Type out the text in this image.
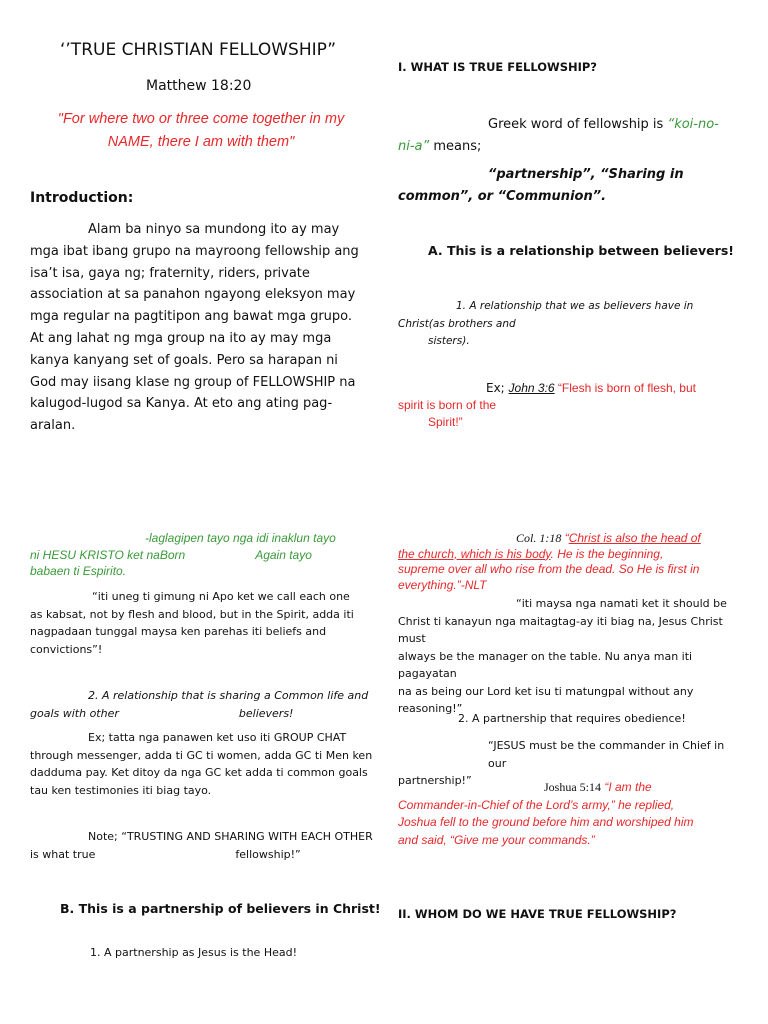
‘’TRUE CHRISTIAN FELLOWSHIP”
Matthew 18:20
"For where two or three come together in my
NAME, there I am with them"
Introduction:
Alam ba ninyo sa mundong ito ay may
mga ibat ibang grupo na mayroong fellowship ang
isa’t isa, gaya ng; fraternity, riders, private
association at sa panahon ngayong eleksyon may
mga regular na pagtitipon ang bawat mga grupo.
At ang lahat ng mga group na ito ay may mga
kanya kanyang set of goals. Pero sa harapan ni
God may iisang klase ng group of FELLOWSHIP na
kalugod-lugod sa Kanya. At eto ang ating pag-
aralan.
-laglagipen tayo nga idi inaklun tayo
ni HESU KRISTO ket naBorn	Again tayo
babaen ti Espirito.
“iti uneg ti gimung ni Apo ket we call each one
as kabsat, not by flesh and blood, but in the Spirit, adda iti
nagpadaan tunggal maysa ken parehas iti beliefs and
convictions”!
2. A relationship that is sharing a Common life and
goals with other	believers!
Ex; tatta nga panawen ket uso iti GROUP CHAT
through messenger, adda ti GC ti women, adda GC ti Men ken
dadduma pay. Ket ditoy da nga GC ket adda ti common goals
tau ken testimonies iti biag tayo.
Note; “TRUSTING AND SHARING WITH EACH OTHER
is what true	fellowship!”
B. This is a partnership of believers in Christ!
1. A partnership as Jesus is the Head!
I. WHAT IS TRUE FELLOWSHIP?
Greek word of fellowship is “koi-no-
ni-a” means;
“partnership”, “Sharing in
common”, or “Communion”.
A. This is a relationship between believers!
1. A relationship that we as believers have in
Christ(as brothers and
sisters).
Ex; John 3:6 “Flesh is born of flesh, but
spirit is born of the
Spirit!”
Col. 1:18 “Christ is also the head of
the church, which is his body. He is the beginning,
supreme over all who rise from the dead. So He is first in
everything.”-NLT
“iti maysa nga namati ket it should be
Christ ti kanayun nga maitagtag-ay iti biag na, Jesus Christ must
always be the manager on the table. Nu anya man iti pagayatan
na as being our Lord ket isu ti matungpal without any
reasoning!”
2. A partnership that requires obedience!
“JESUS must be the commander in Chief in our
partnership!”	Joshua 5:14 “I am the
Commander-in-Chief of the Lord’s army,” he replied,
Joshua fell to the ground before him and worshiped him
and said, “Give me your commands.”
II. WHOM DO WE HAVE TRUE FELLOWSHIP?
